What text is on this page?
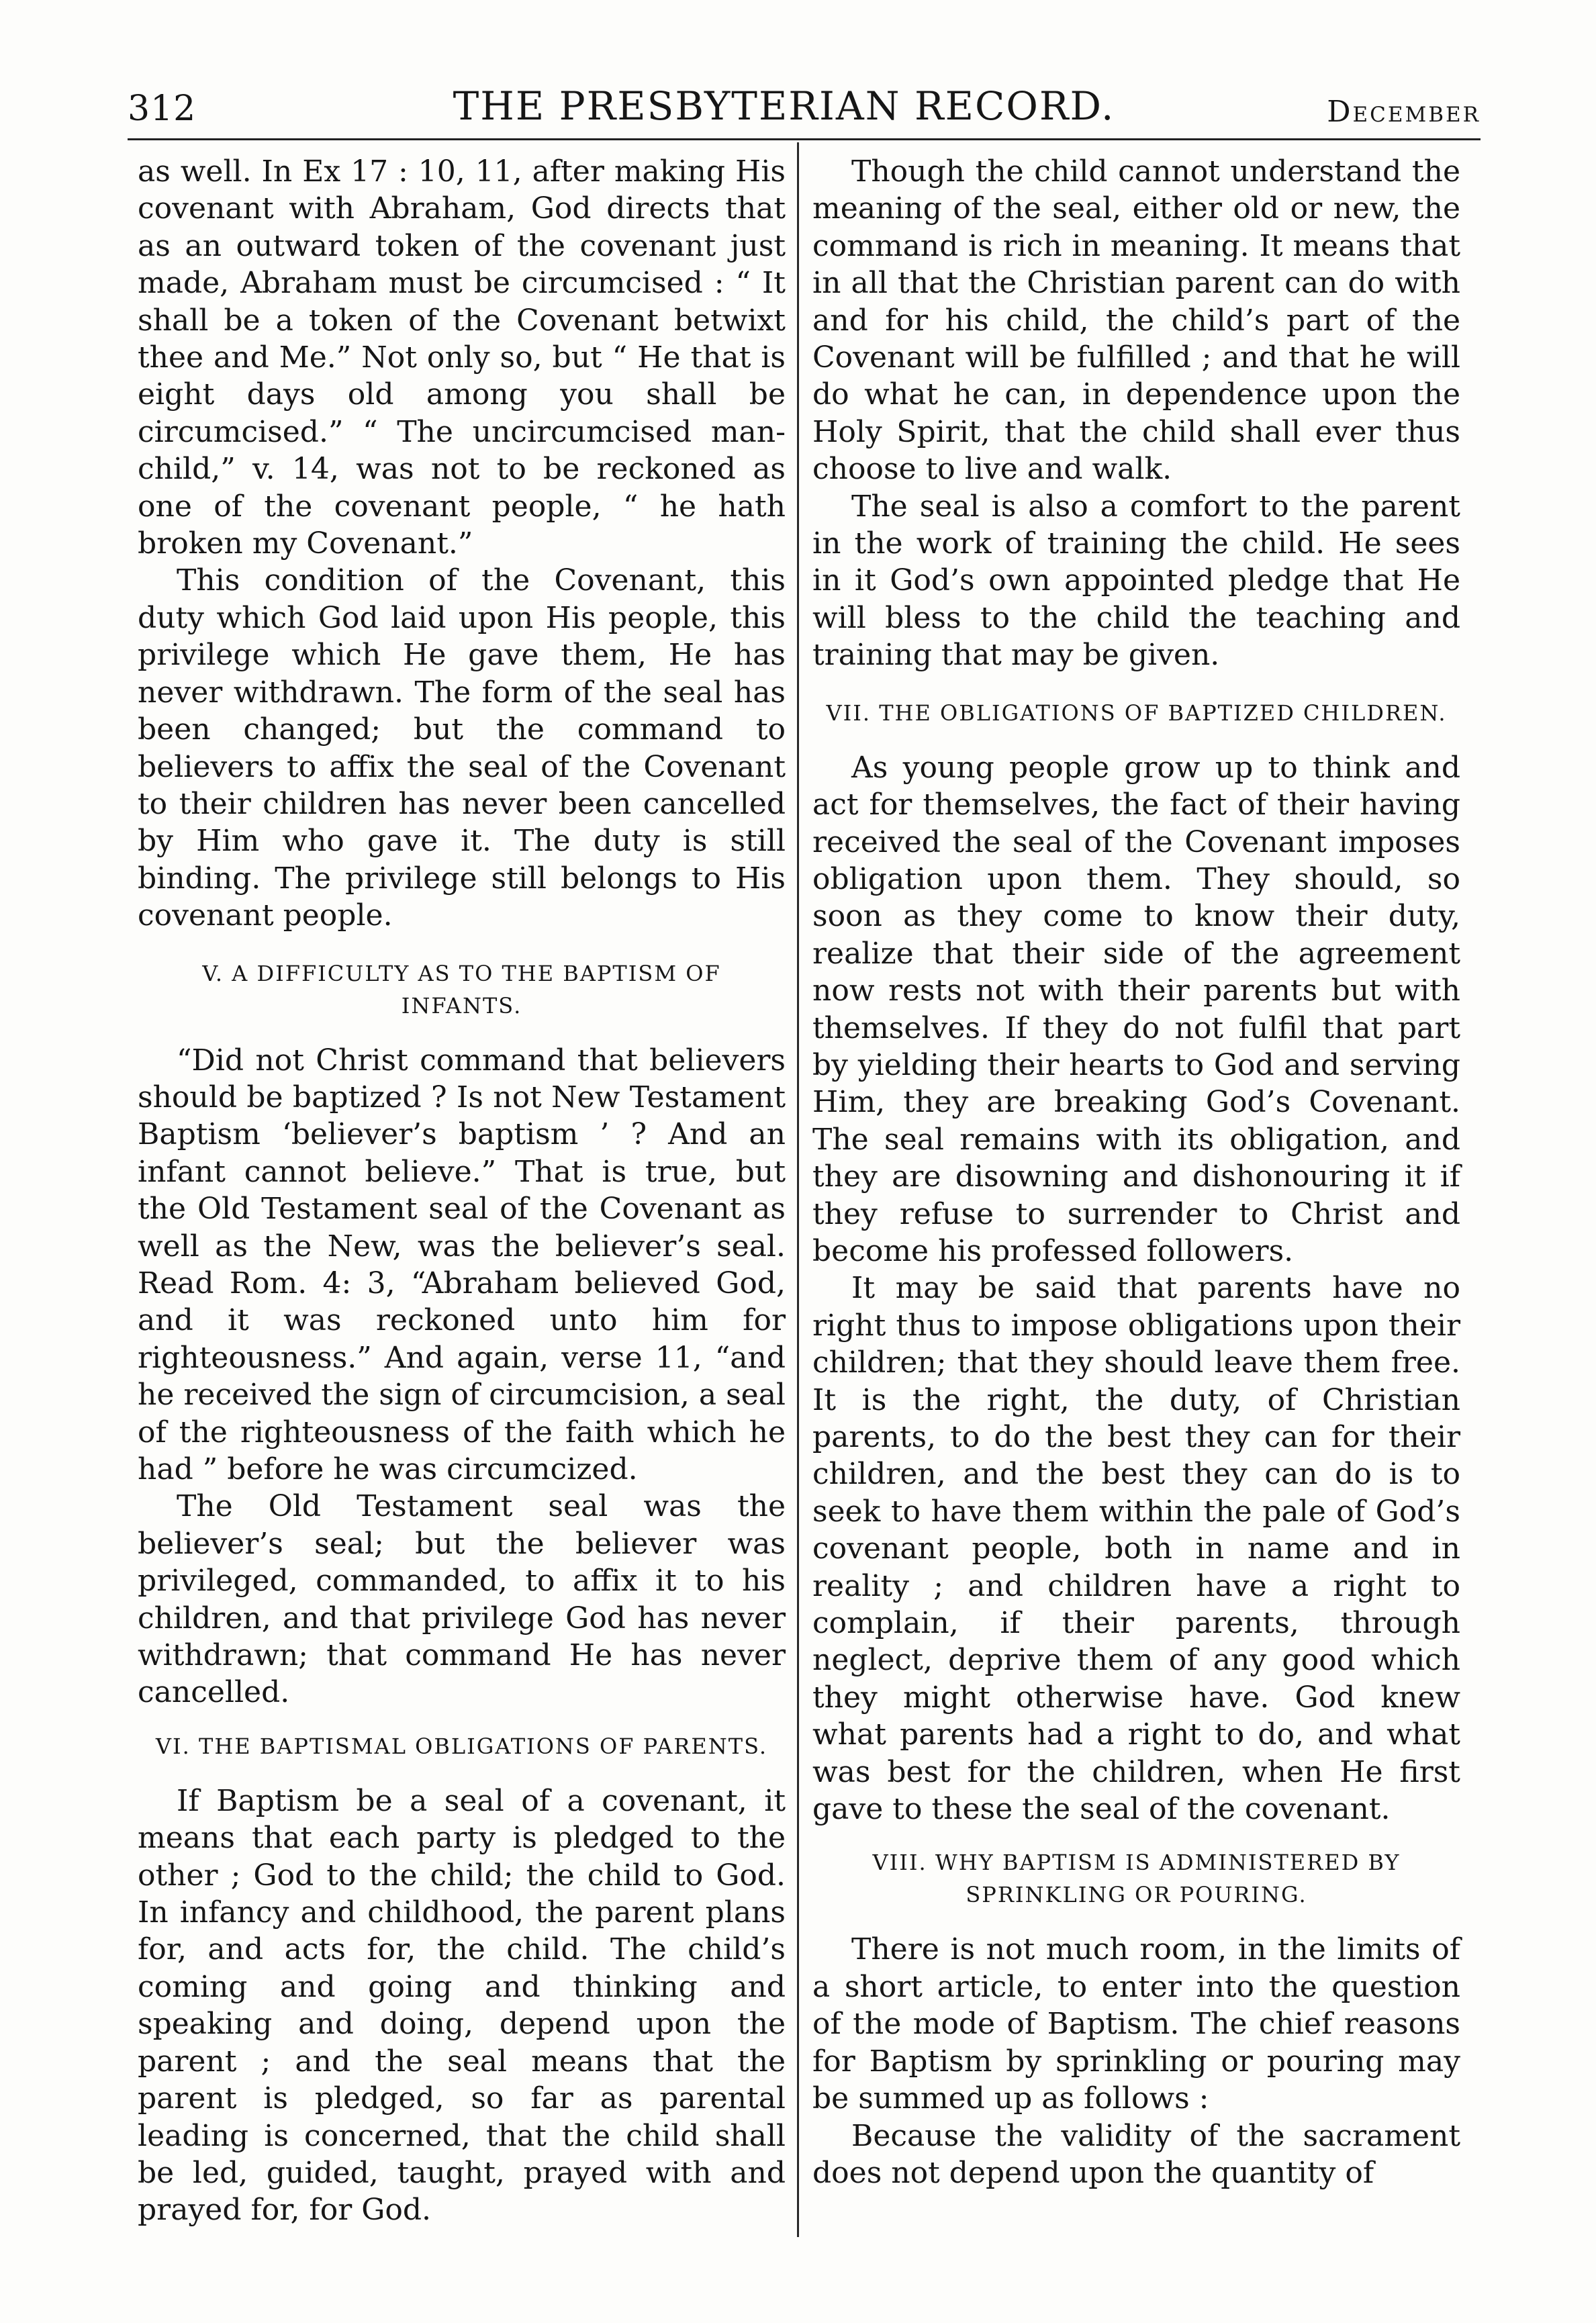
312	THE PRESBYTERIAN RECORD.	December

as well. In Ex 17 : 10, 11, after making His covenant with Abraham, God directs that as an outward token of the covenant just made, Abraham must be circumcised : “ It shall be a token of the Covenant betwixt thee and Me.” Not only so, but “ He that is eight days old among you shall be circumcised.” “ The uncircumcised man-child,” v. 14, was not to be reckoned as one of the covenant people, “ he hath broken my Covenant.”

This condition of the Covenant, this duty which God laid upon His people, this privilege which He gave them, He has never withdrawn. The form of the seal has been changed; but the command to believers to affix the seal of the Covenant to their children has never been cancelled by Him who gave it. The duty is still binding. The privilege still belongs to His covenant people.

V. A DIFFICULTY AS TO THE BAPTISM OF INFANTS.

“Did not Christ command that believers should be baptized ? Is not New Testament Baptism ‘believer’s baptism ’ ? And an infant cannot believe.” That is true, but the Old Testament seal of the Covenant as well as the New, was the believer’s seal. Read Rom. 4: 3, “Abraham believed God, and it was reckoned unto him for righteousness.” And again, verse 11, “and he received the sign of circumcision, a seal of the righteousness of the faith which he had ” before he was circumcized.

The Old Testament seal was the believer’s seal; but the believer was privileged, commanded, to affix it to his children, and that privilege God has never withdrawn; that command He has never cancelled.

VI. THE BAPTISMAL OBLIGATIONS OF PARENTS.

If Baptism be a seal of a covenant, it means that each party is pledged to the other ; God to the child; the child to God. In infancy and childhood, the parent plans for, and acts for, the child. The child’s coming and going and thinking and speaking and doing, depend upon the parent ; and the seal means that the parent is pledged, so far as parental leading is concerned, that the child shall be led, guided, taught, prayed with and prayed for, for God.

Though the child cannot understand the meaning of the seal, either old or new, the command is rich in meaning. It means that in all that the Christian parent can do with and for his child, the child’s part of the Covenant will be fulfilled ; and that he will do what he can, in dependence upon the Holy Spirit, that the child shall ever thus choose to live and walk.

The seal is also a comfort to the parent in the work of training the child. He sees in it God’s own appointed pledge that He will bless to the child the teaching and training that may be given.

VII. THE OBLIGATIONS OF BAPTIZED CHILDREN.

As young people grow up to think and act for themselves, the fact of their having received the seal of the Covenant imposes obligation upon them. They should, so soon as they come to know their duty, realize that their side of the agreement now rests not with their parents but with themselves. If they do not fulfil that part by yielding their hearts to God and serving Him, they are breaking God’s Covenant. The seal remains with its obligation, and they are disowning and dishonouring it if they refuse to surrender to Christ and become his professed followers.

It may be said that parents have no right thus to impose obligations upon their children; that they should leave them free. It is the right, the duty, of Christian parents, to do the best they can for their children, and the best they can do is to seek to have them within the pale of God’s covenant people, both in name and in reality ; and children have a right to complain, if their parents, through neglect, deprive them of any good which they might otherwise have. God knew what parents had a right to do, and what was best for the children, when He first gave to these the seal of the covenant.

VIII. WHY BAPTISM IS ADMINISTERED BY SPRINKLING OR POURING.

There is not much room, in the limits of a short article, to enter into the question of the mode of Baptism. The chief reasons for Baptism by sprinkling or pouring may be summed up as follows :

Because the validity of the sacrament does not depend upon the quantity of
